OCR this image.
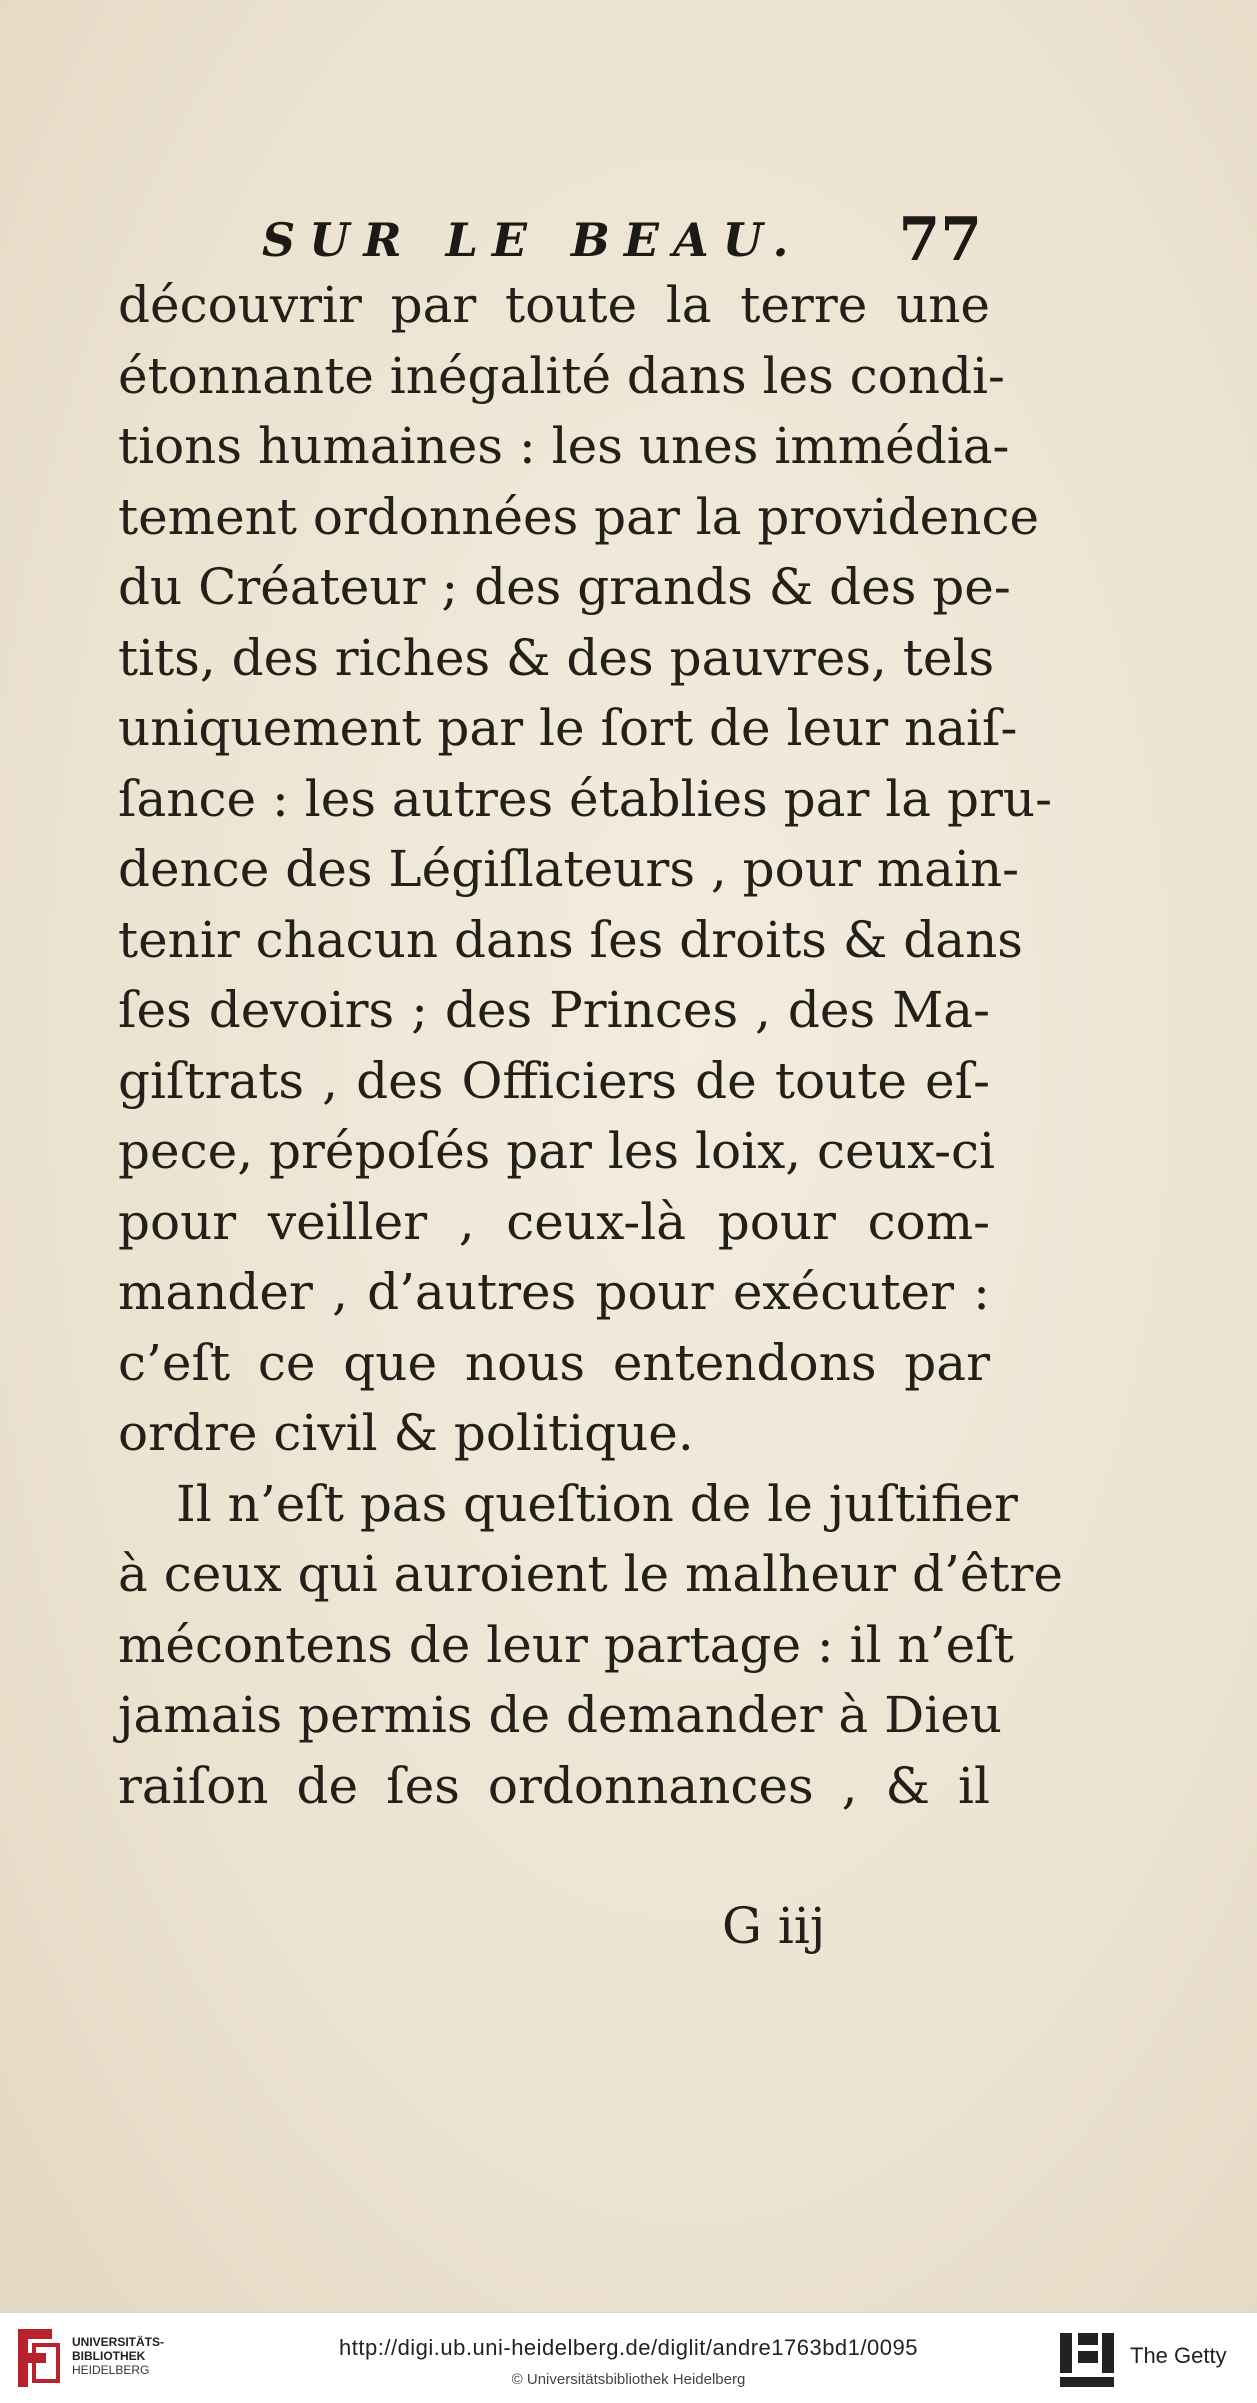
SUR LE BEAU. 77
découvrir par toute la terre une
étonnante inégalité dans les condi-
tions humaines : les unes immédia-
tement ordonnées par la providence
du Créateur ; des grands & des pe-
tits, des riches & des pauvres, tels
uniquement par le ſort de leur naiſ-
ſance : les autres établies par la pru-
dence des Légiſlateurs , pour main-
tenir chacun dans ſes droits & dans
ſes devoirs ; des Princes , des Ma-
giſtrats , des Officiers de toute eſ-
pece, prépoſés par les loix, ceux-ci
pour veiller , ceux-là pour com-
mander , d’autres pour exécuter :
c’eſt ce que nous entendons par
ordre civil & politique.
Il n’eſt pas queſtion de le juſtifier
à ceux qui auroient le malheur d’être
mécontens de leur partage : il n’eſt
jamais permis de demander à Dieu
raiſon de ſes ordonnances , & il
G iij
UNIVERSITÄTS-
BIBLIOTHEK
HEIDELBERG
http://digi.ub.uni-heidelberg.de/diglit/andre1763bd1/0095
© Universitätsbibliothek Heidelberg
The Getty
